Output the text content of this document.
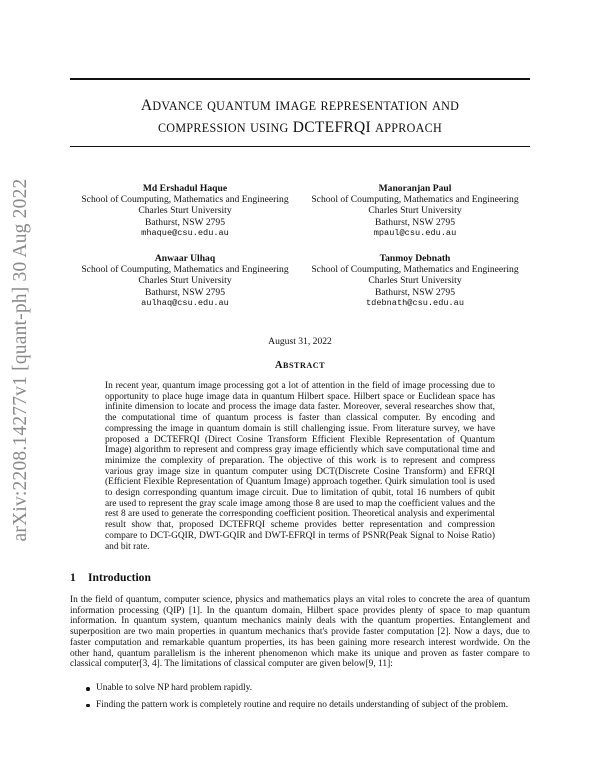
arXiv:2208.14277v1 [quant-ph] 30 Aug 2022
ADVANCE QUANTUM IMAGE REPRESENTATION AND
COMPRESSION USING DCTEFRQI APPROACH
Md Ershadul Haque
School of Coumputing, Mathematics and Engineering
Charles Sturt University
Bathurst, NSW 2795
mhaque@csu.edu.au
Manoranjan Paul
School of Coumputing, Mathematics and Engineering
Charles Sturt University
Bathurst, NSW 2795
mpaul@csu.edu.au
Anwaar Ulhaq
School of Coumputing, Mathematics and Engineering
Charles Sturt University
Bathurst, NSW 2795
aulhaq@csu.edu.au
Tanmoy Debnath
School of Coumputing, Mathematics and Engineering
Charles Sturt University
Bathurst, NSW 2795
tdebnath@csu.edu.au
August 31, 2022
ABSTRACT
In recent year, quantum image processing got a lot of attention in the field of image processing due to opportunity to place huge image data in quantum Hilbert space. Hilbert space or Euclidean space has infinite dimension to locate and process the image data faster. Moreover, several researches show that, the computational time of quantum process is faster than classical computer. By encoding and compressing the image in quantum domain is still challenging issue. From literature survey, we have proposed a DCTEFRQI (Direct Cosine Transform Efficient Flexible Representation of Quantum Image) algorithm to represent and compress gray image efficiently which save computational time and minimize the complexity of preparation. The objective of this work is to represent and compress various gray image size in quantum computer using DCT(Discrete Cosine Transform) and EFRQI (Efficient Flexible Representation of Quantum Image) approach together. Quirk simulation tool is used to design corresponding quantum image circuit. Due to limitation of qubit, total 16 numbers of qubit are used to represent the gray scale image among those 8 are used to map the coefficient values and the rest 8 are used to generate the corresponding coefficient position. Theoretical analysis and experimental result show that, proposed DCTEFRQI scheme provides better representation and compression compare to DCT-GQIR, DWT-GQIR and DWT-EFRQI in terms of PSNR(Peak Signal to Noise Ratio) and bit rate.
1 Introduction
In the field of quantum, computer science, physics and mathematics plays an vital roles to concrete the area of quantum information processing (QIP) [1]. In the quantum domain, Hilbert space provides plenty of space to map quantum information. In quantum system, quantum mechanics mainly deals with the quantum properties. Entanglement and superposition are two main properties in quantum mechanics that's provide faster computation [2]. Now a days, due to faster computation and remarkable quantum properties, its has been gaining more research interest wordwide. On the other hand, quantum parallelism is the inherent phenomenon which make its unique and proven as faster compare to classical computer[3, 4]. The limitations of classical computer are given below[9, 11]:
Unable to solve NP hard problem rapidly.
Finding the pattern work is completely routine and require no details understanding of subject of the problem.
